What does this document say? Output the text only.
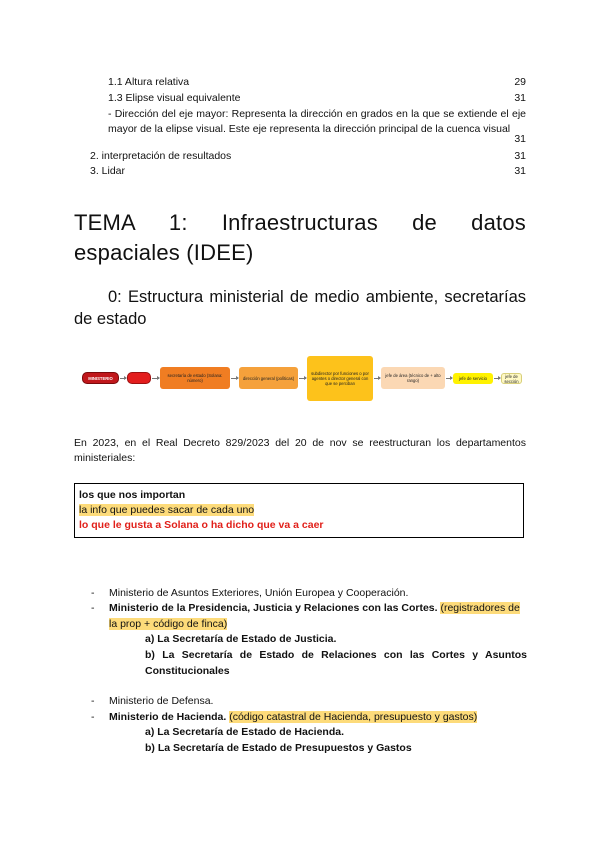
1.1 Altura relativa	29
1.3 Elipse visual equivalente	31
- Dirección del eje mayor: Representa la dirección en grados en la que se extiende el eje mayor de la elipse visual. Este eje representa la dirección principal de la cuenca visual
31
2. interpretación de resultados	31
3. Lidar	31
TEMA 1: Infraestructuras de datos espaciales (IDEE)
0: Estructura ministerial de medio ambiente, secretarías de estado
MINISTERIO	secretaría de estado (Solana: número)	dirección general (políticas)
subdirector por funciones o por agentes o director general con que se perciban
jefe de área (técnico de + alto rango)	jefe de servicio	jefe de sección

En 2023, en el Real Decreto 829/2023 del 20 de nov se reestructuran los departamentos ministeriales:

los que nos importan
la info que puedes sacar de cada uno
lo que le gusta a Solana o ha dicho que va a caer
-	Ministerio de Asuntos Exteriores, Unión Europea y Cooperación.
-	Ministerio de la Presidencia, Justicia y Relaciones con las Cortes. (registradores de la prop + código de finca)
a) La Secretaría de Estado de Justicia.
b) La Secretaría de Estado de Relaciones con las Cortes y Asuntos Constitucionales
-	Ministerio de Defensa.
-	Ministerio de Hacienda. (código catastral de Hacienda, presupuesto y gastos)
a) La Secretaría de Estado de Hacienda.
b) La Secretaría de Estado de Presupuestos y Gastos
